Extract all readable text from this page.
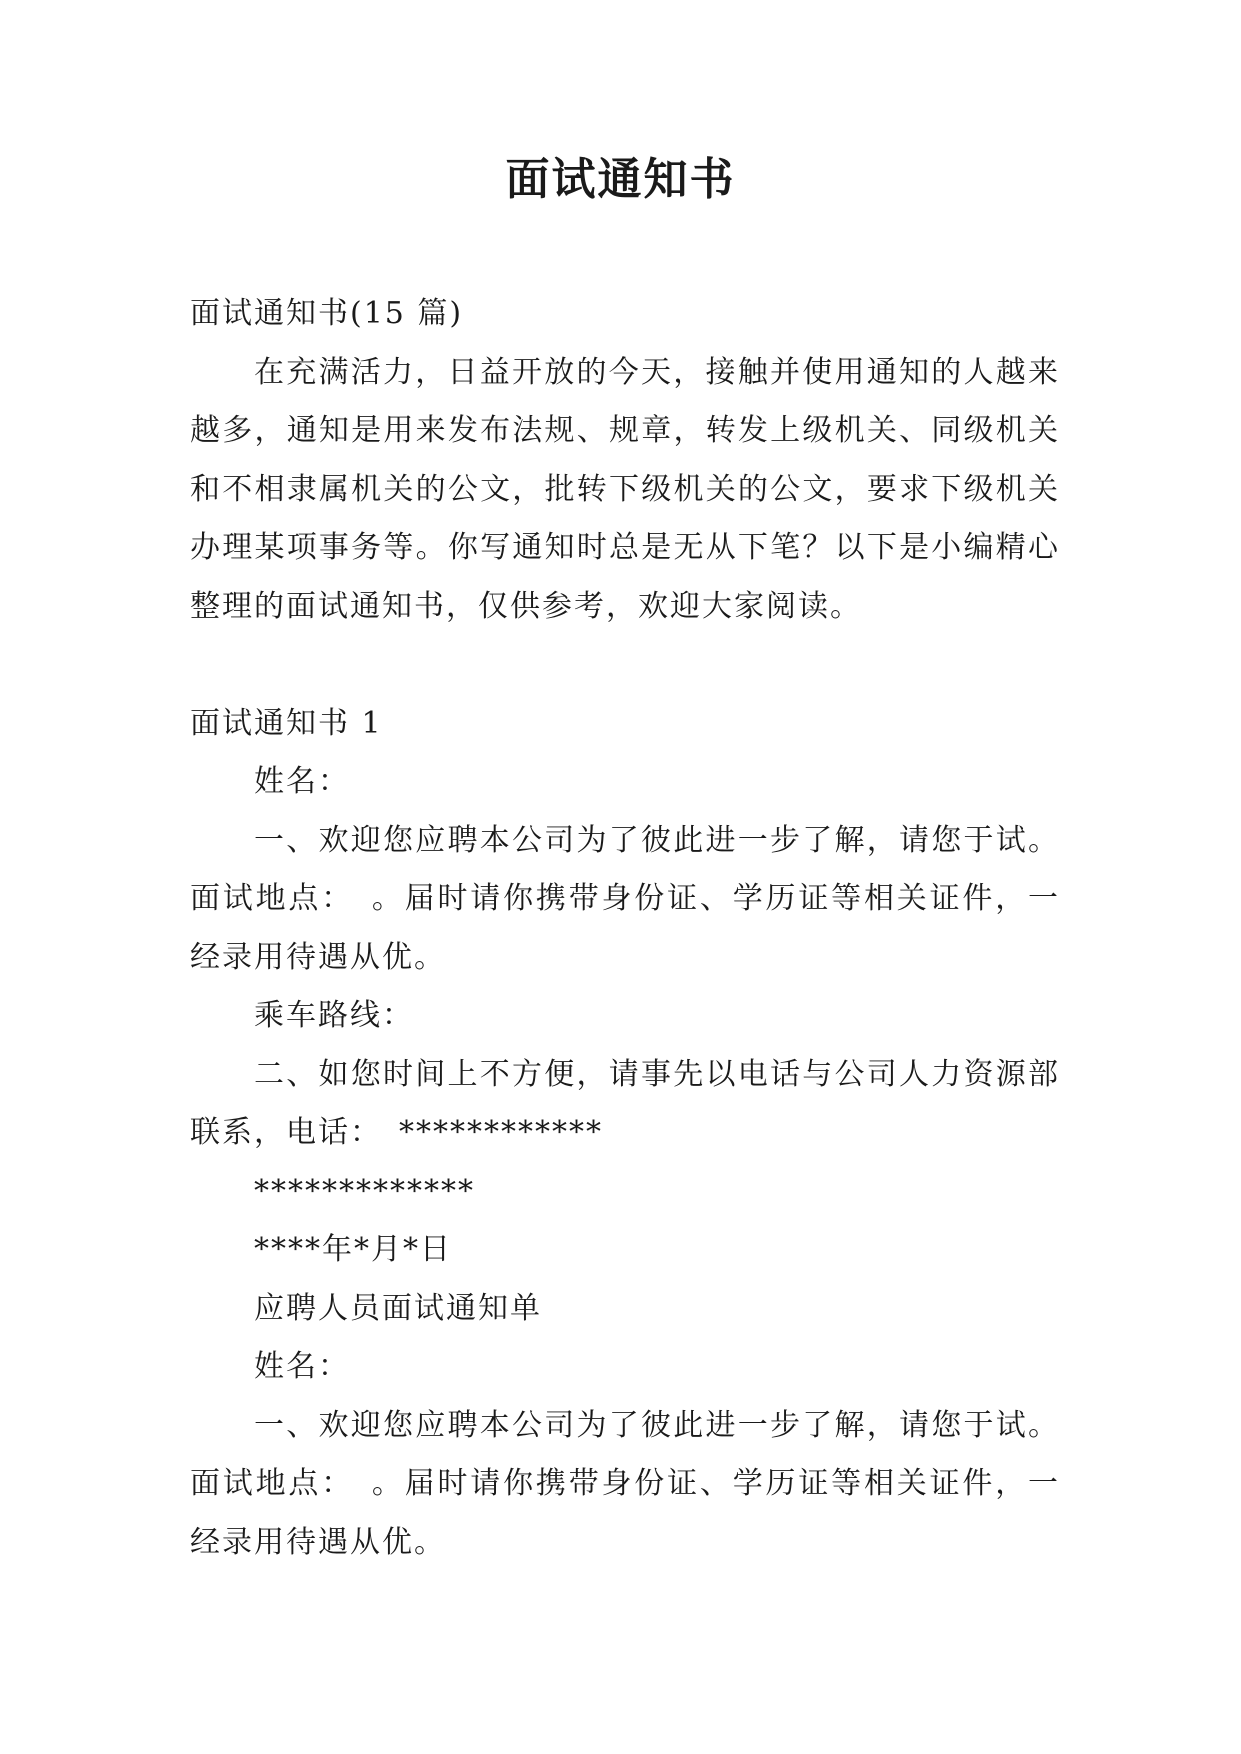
面试通知书

面试通知书(15 篇)

在充满活力，日益开放的今天，接触并使用通知的人越来越多，通知是用来发布法规、规章，转发上级机关、同级机关和不相隶属机关的公文，批转下级机关的公文，要求下级机关办理某项事务等。你写通知时总是无从下笔？以下是小编精心整理的面试通知书，仅供参考，欢迎大家阅读。

面试通知书 1

姓名：

一、欢迎您应聘本公司为了彼此进一步了解，请您于试。面试地点：　。届时请你携带身份证、学历证等相关证件，一经录用待遇从优。

乘车路线：

二、如您时间上不方便，请事先以电话与公司人力资源部联系，电话：　************

*************

****年*月*日

应聘人员面试通知单

姓名：

一、欢迎您应聘本公司为了彼此进一步了解，请您于试。面试地点：　。届时请你携带身份证、学历证等相关证件，一经录用待遇从优。
